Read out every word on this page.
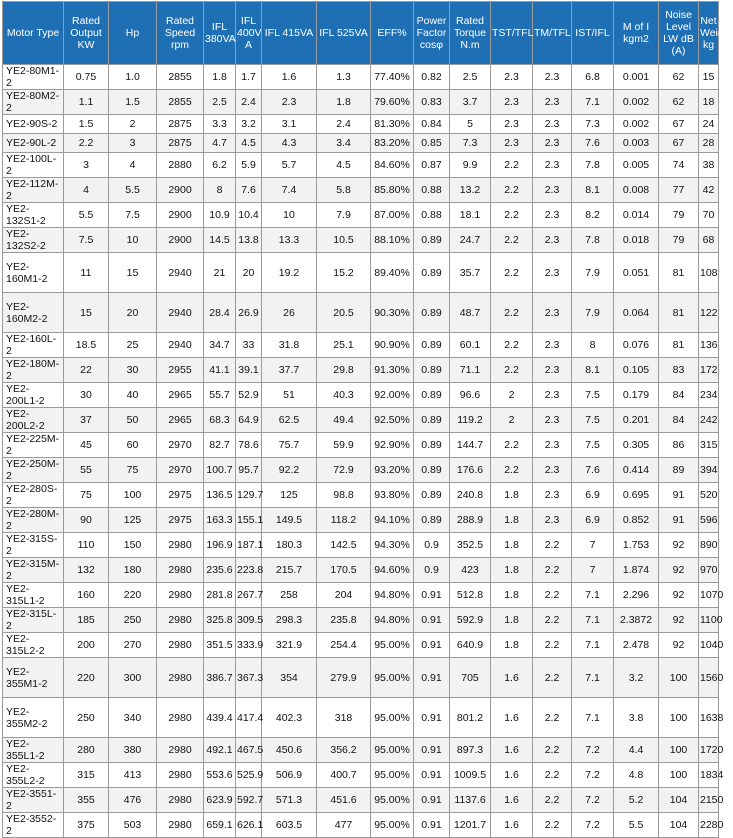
Motor Type	Rated Output KW	Hp	Rated Speed rpm	IFL 380VA	IFL 400V A	IFL 415VA	IFL 525VA	EFF%	Power Factor cosφ	Rated Torque N.m	TST/TFL	TM/TFL	IST/IFL	M of I kgm2	Noise Level LW dB (A)	Net Weight kg
YE2-80M1-2	0.75	1.0	2855	1.8	1.7	1.6	1.3	77.40%	0.82	2.5	2.3	2.3	6.8	0.001	62	15
YE2-80M2-2	1.1	1.5	2855	2.5	2.4	2.3	1.8	79.60%	0.83	3.7	2.3	2.3	7.1	0.002	62	18
YE2-90S-2	1.5	2	2875	3.3	3.2	3.1	2.4	81.30%	0.84	5	2.3	2.3	7.3	0.002	67	24
YE2-90L-2	2.2	3	2875	4.7	4.5	4.3	3.4	83.20%	0.85	7.3	2.3	2.3	7.6	0.003	67	28
YE2-100L-2	3	4	2880	6.2	5.9	5.7	4.5	84.60%	0.87	9.9	2.2	2.3	7.8	0.005	74	38
YE2-112M-2	4	5.5	2900	8	7.6	7.4	5.8	85.80%	0.88	13.2	2.2	2.3	8.1	0.008	77	42
YE2-132S1-2	5.5	7.5	2900	10.9	10.4	10	7.9	87.00%	0.88	18.1	2.2	2.3	8.2	0.014	79	70
YE2-132S2-2	7.5	10	2900	14.5	13.8	13.3	10.5	88.10%	0.89	24.7	2.2	2.3	7.8	0.018	79	68
YE2-160M1-2	11	15	2940	21	20	19.2	15.2	89.40%	0.89	35.7	2.2	2.3	7.9	0.051	81	108
YE2-160M2-2	15	20	2940	28.4	26.9	26	20.5	90.30%	0.89	48.7	2.2	2.3	7.9	0.064	81	122
YE2-160L-2	18.5	25	2940	34.7	33	31.8	25.1	90.90%	0.89	60.1	2.2	2.3	8	0.076	81	136
YE2-180M-2	22	30	2955	41.1	39.1	37.7	29.8	91.30%	0.89	71.1	2.2	2.3	8.1	0.105	83	172
YE2-200L1-2	30	40	2965	55.7	52.9	51	40.3	92.00%	0.89	96.6	2	2.3	7.5	0.179	84	234
YE2-200L2-2	37	50	2965	68.3	64.9	62.5	49.4	92.50%	0.89	119.2	2	2.3	7.5	0.201	84	242
YE2-225M-2	45	60	2970	82.7	78.6	75.7	59.9	92.90%	0.89	144.7	2.2	2.3	7.5	0.305	86	315
YE2-250M-2	55	75	2970	100.7	95.7	92.2	72.9	93.20%	0.89	176.6	2.2	2.3	7.6	0.414	89	394
YE2-280S-2	75	100	2975	136.5	129.7	125	98.8	93.80%	0.89	240.8	1.8	2.3	6.9	0.695	91	520
YE2-280M-2	90	125	2975	163.3	155.1	149.5	118.2	94.10%	0.89	288.9	1.8	2.3	6.9	0.852	91	596
YE2-315S-2	110	150	2980	196.9	187.1	180.3	142.5	94.30%	0.9	352.5	1.8	2.2	7	1.753	92	890
YE2-315M-2	132	180	2980	235.6	223.8	215.7	170.5	94.60%	0.9	423	1.8	2.2	7	1.874	92	970
YE2-315L1-2	160	220	2980	281.8	267.7	258	204	94.80%	0.91	512.8	1.8	2.2	7.1	2.296	92	1070
YE2-315L-2	185	250	2980	325.8	309.5	298.3	235.8	94.80%	0.91	592.9	1.8	2.2	7.1	2.3872	92	1100
YE2-315L2-2	200	270	2980	351.5	333.9	321.9	254.4	95.00%	0.91	640.9	1.8	2.2	7.1	2.478	92	1040
YE2-355M1-2	220	300	2980	386.7	367.3	354	279.9	95.00%	0.91	705	1.6	2.2	7.1	3.2	100	1560
YE2-355M2-2	250	340	2980	439.4	417.4	402.3	318	95.00%	0.91	801.2	1.6	2.2	7.1	3.8	100	1638
YE2-355L1-2	280	380	2980	492.1	467.5	450.6	356.2	95.00%	0.91	897.3	1.6	2.2	7.2	4.4	100	1720
YE2-355L2-2	315	413	2980	553.6	525.9	506.9	400.7	95.00%	0.91	1009.5	1.6	2.2	7.2	4.8	100	1834
YE2-3551-2	355	476	2980	623.9	592.7	571.3	451.6	95.00%	0.91	1137.6	1.6	2.2	7.2	5.2	104	2150
YE2-3552-2	375	503	2980	659.1	626.1	603.5	477	95.00%	0.91	1201.7	1.6	2.2	7.2	5.5	104	2280
